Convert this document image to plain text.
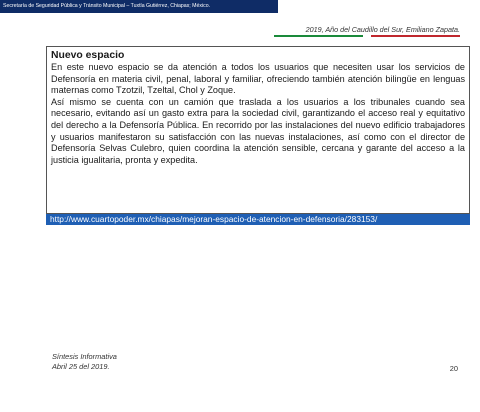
Secretaría de Seguridad Pública y Tránsito Municipal – Tuxtla Gutiérrez, Chiapas; México.
2019, Año del Caudillo del Sur, Emiliano Zapata.
Nuevo espacio

En este nuevo espacio se da atención a todos los usuarios que necesiten usar los servicios de Defensoría en materia civil, penal, laboral y familiar, ofreciendo también atención bilingüe en lenguas maternas como Tzotzil, Tzeltal, Chol y Zoque.

Así mismo se cuenta con un camión que traslada a los usuarios a los tribunales cuando sea necesario, evitando así un gasto extra para la sociedad civil, garantizando el acceso real y equitativo del derecho a la Defensoría Pública. En recorrido por las instalaciones del nuevo edificio trabajadores y usuarios manifestaron su satisfacción con las nuevas instalaciones, así como con el director de Defensoría Selvas Culebro, quien coordina la atención sensible, cercana y garante del acceso a la justicia igualitaria, pronta y expedita.

http://www.cuartopoder.mx/chiapas/mejoran-espacio-de-atencion-en-defensoria/283153/
Síntesis Informativa
Abril 25 del 2019.	20
